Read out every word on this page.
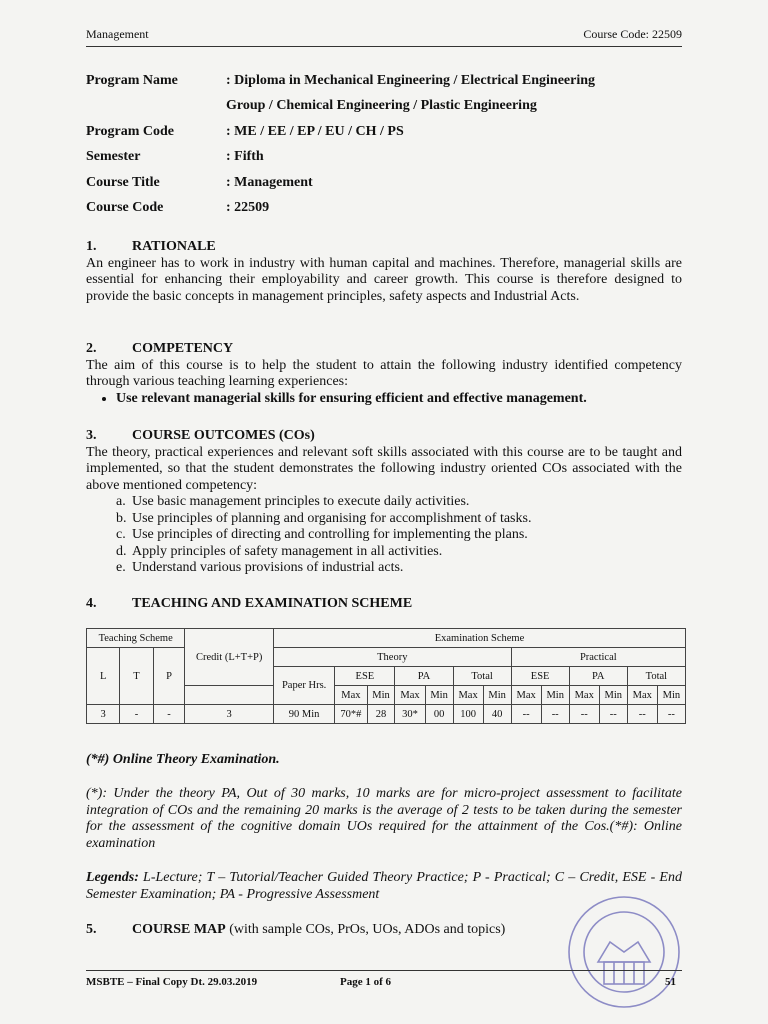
Management	Course Code: 22509
Program Name	: Diploma in Mechanical Engineering / Electrical Engineering
Group / Chemical Engineering / Plastic Engineering
Program Code	: ME / EE / EP / EU / CH / PS
Semester	: Fifth
Course Title	: Management
Course Code	: 22509
1.	RATIONALE

An engineer has to work in industry with human capital and machines. Therefore, managerial skills are essential for enhancing their employability and career growth. This course is therefore designed to provide the basic concepts in management principles, safety aspects and Industrial Acts.

2.	COMPETENCY

The aim of this course is to help the student to attain the following industry identified competency through various teaching learning experiences:

• Use relevant managerial skills for ensuring efficient and effective management.
3.	COURSE OUTCOMES (COs)

The theory, practical experiences and relevant soft skills associated with this course are to be taught and implemented, so that the student demonstrates the following industry oriented COs associated with the above mentioned competency:

a. Use basic management principles to execute daily activities.
b. Use principles of planning and organising for accomplishment of tasks.
c. Use principles of directing and controlling for implementing the plans.
d. Apply principles of safety management in all activities.
e. Understand various provisions of industrial acts.
4.	TEACHING AND EXAMINATION SCHEME
Teaching Scheme			Credit (L+T+P)	Examination Scheme												
L	T	P		Theory							Practical					
				Paper Hrs.	ESE		PA		Total		ESE		PA		Total	
					Max	Min	Max	Min	Max	Min	Max	Min	Max	Min	Max	Min
3	-	-	3	90 Min	70*#	28	30*	00	100	40	--	--	--	--	--	--
(*#) Online Theory Examination.
(*): Under the theory PA, Out of 30 marks, 10 marks are for micro-project assessment to facilitate integration of COs and the remaining 20 marks is the average of 2 tests to be taken during the semester for the assessment of the cognitive domain UOs required for the attainment of the Cos.(*#): Online examination
Legends: L-Lecture; T – Tutorial/Teacher Guided Theory Practice; P - Practical; C – Credit, ESE - End Semester Examination; PA - Progressive Assessment
5.	COURSE MAP
(with sample COs, PrOs, UOs, ADOs and topics)
MSBTE – Final Copy Dt. 29.03.2019	Page 1 of 6	51
